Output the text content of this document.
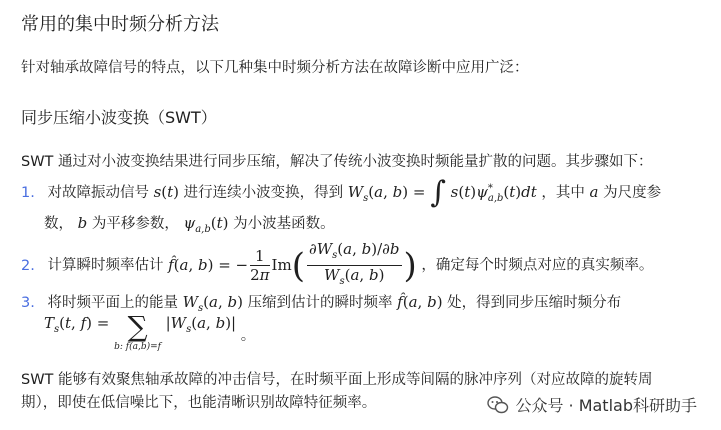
常用的集中时频分析方法
针对轴承故障信号的特点，以下几种集中时频分析方法在故障诊断中应用广泛：
同步压缩小波变换（SWT）
SWT 通过对小波变换结果进行同步压缩，解决了传统小波变换时频能量扩散的问题。其步骤如下：
1. 对故障振动信号 s(t) 进行连续小波变换，得到 $W_s(a$, b) = ∫ $s(t)\psi^*_{a,b}(t)dt$ ，其中 a 为尺度参
数， b 为平移参数， $\psi_{a,b}(t)$ 为小波基函数。
2. 计算瞬时频率估计 f̂(a, b) = − $\frac{1}{2\pi} Im( \frac{\partial W_s(a, b)/\partial b}{W_s(a, b)}$ ) ，确定每个时频点对应的真实频率。
3. 将时频平面上的能量 $W_s(a$, b) 压缩到估计的瞬时频率 f̂(a, b) 处，得到同步压缩时频分布
$T_s(t$, f) = ∑
b: f̂(a,b)=f
$|W_s(a$, b)| 。
SWT 能够有效聚焦轴承故障的冲击信号，在时频平面上形成等间隔的脉冲序列（对应故障的旋转周
期），即使在低信噪比下，也能清晰识别故障特征频率。	公众号 · Matlab科研助手
